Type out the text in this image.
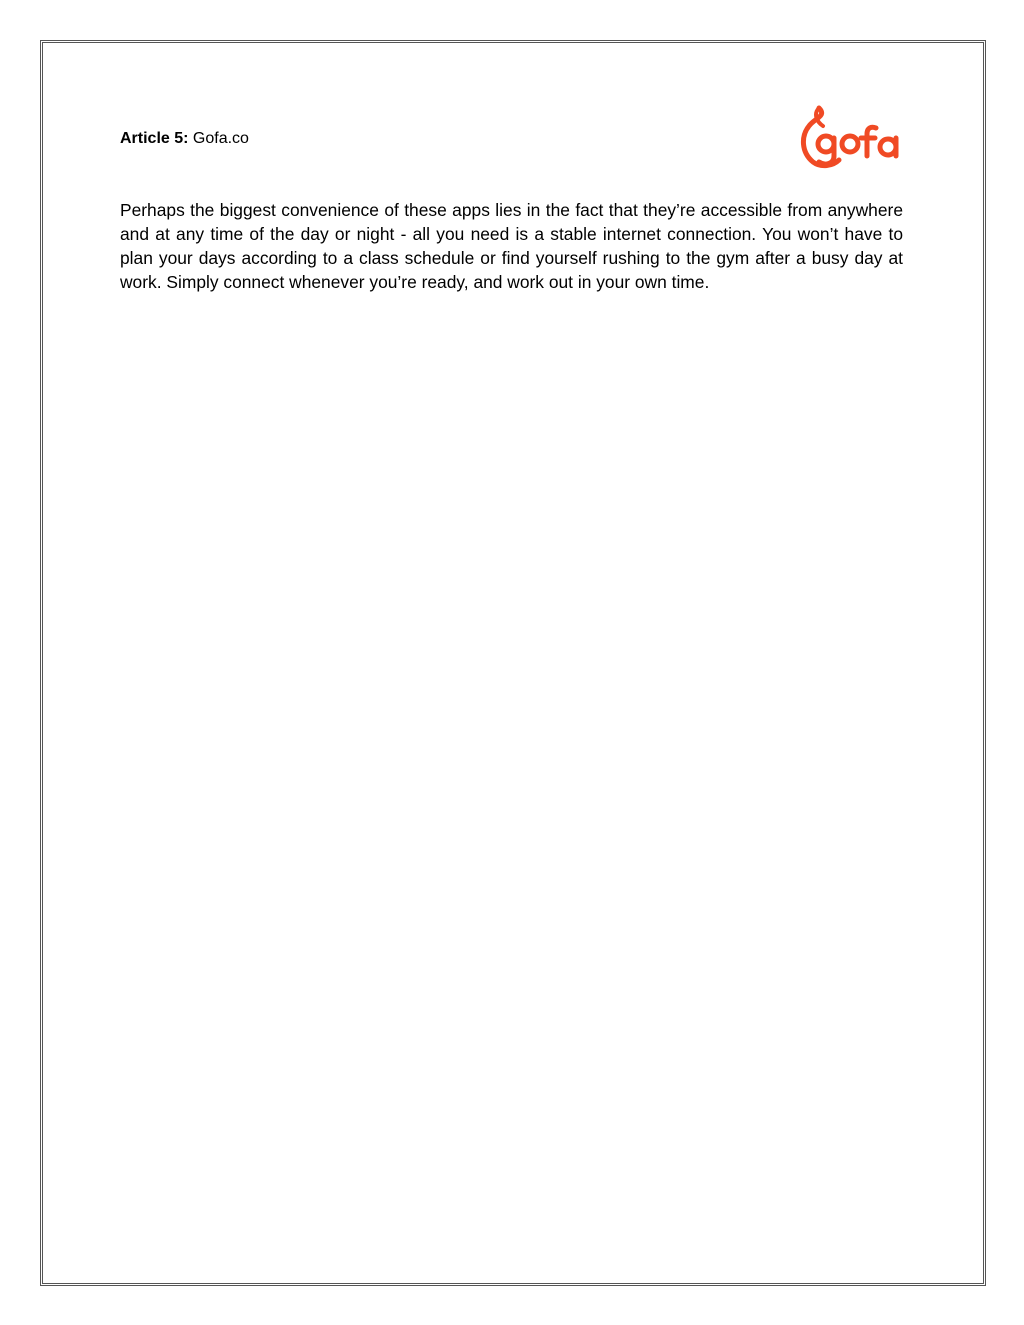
Article 5: Gofa.co

Perhaps the biggest convenience of these apps lies in the fact that they’re accessible from anywhere and at any time of the day or night - all you need is a stable internet connection. You won’t have to plan your days according to a class schedule or find yourself rushing to the gym after a busy day at work. Simply connect whenever you’re ready, and work out in your own time.
